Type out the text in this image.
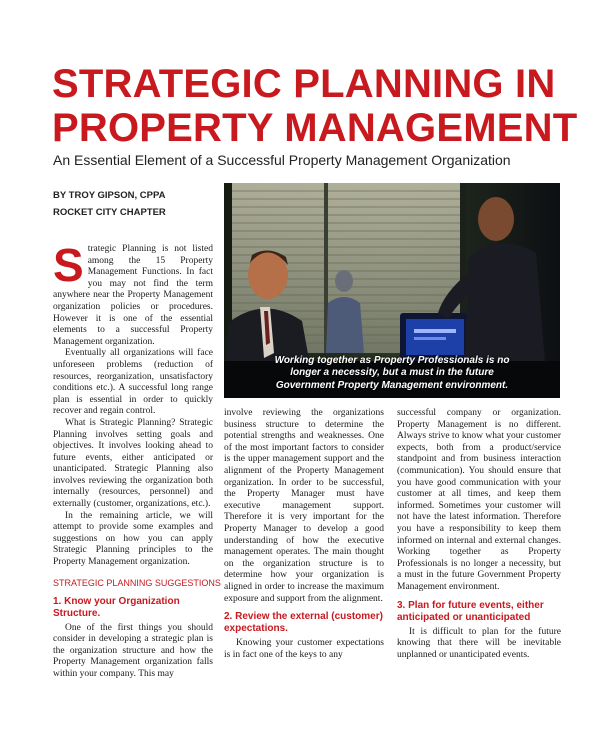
STRATEGIC PLANNING IN
PROPERTY MANAGEMENT
An Essential Element of a Successful Property Management Organization
BY TROY GIPSON, CPPA
ROCKET CITY CHAPTER
Working together as Property Professionals is no
longer a necessity, but a must in the future
Government Property Management environment.

Strategic Planning is not listed among the 15 Property Management Functions. In fact you may not find the term anywhere near the Property Management organization policies or procedures. However it is one of the essential elements to a successful Property Management organization.

Eventually all organizations will face unforeseen problems (reduction of resources, reorganization, unsatisfactory conditions etc.). A successful long range plan is essential in order to quickly recover and regain control.

What is Strategic Planning? Strategic Planning involves setting goals and objectives. It involves looking ahead to future events, either anticipated or unanticipated. Strategic Planning also involves reviewing the organization both internally (resources, personnel) and externally (customer, organizations, etc.).

In the remaining article, we will attempt to provide some examples and suggestions on how you can apply Strategic Planning principles to the Property Management organization.

STRATEGIC PLANNING SUGGESTIONS
1. Know your Organization Structure.

One of the first things you should consider in developing a strategic plan is the organization structure and how the Property Management organization falls within your company. This may

involve reviewing the organizations business structure to determine the potential strengths and weaknesses. One of the most important factors to consider is the upper management support and the alignment of the Property Management organization. In order to be successful, the Property Manager must have executive management support. Therefore it is very important for the Property Manager to develop a good understanding of how the executive management operates. The main thought on the organization structure is to determine how your organization is aligned in order to increase the maximum exposure and support from the alignment.

2. Review the external (customer) expectations.

Knowing your customer expectations is in fact one of the keys to any

successful company or organization. Property Management is no different. Always strive to know what your customer expects, both from a product/service standpoint and from business interaction (communication). You should ensure that you have good communication with your customer at all times, and keep them informed. Sometimes your customer will not have the latest information. Therefore you have a responsibility to keep them informed on internal and external changes. Working together as Property Professionals is no longer a necessity, but a must in the future Government Property Management environment.

3. Plan for future events, either anticipated or unanticipated

It is difficult to plan for the future knowing that there will be inevitable unplanned or unanticipated events.
